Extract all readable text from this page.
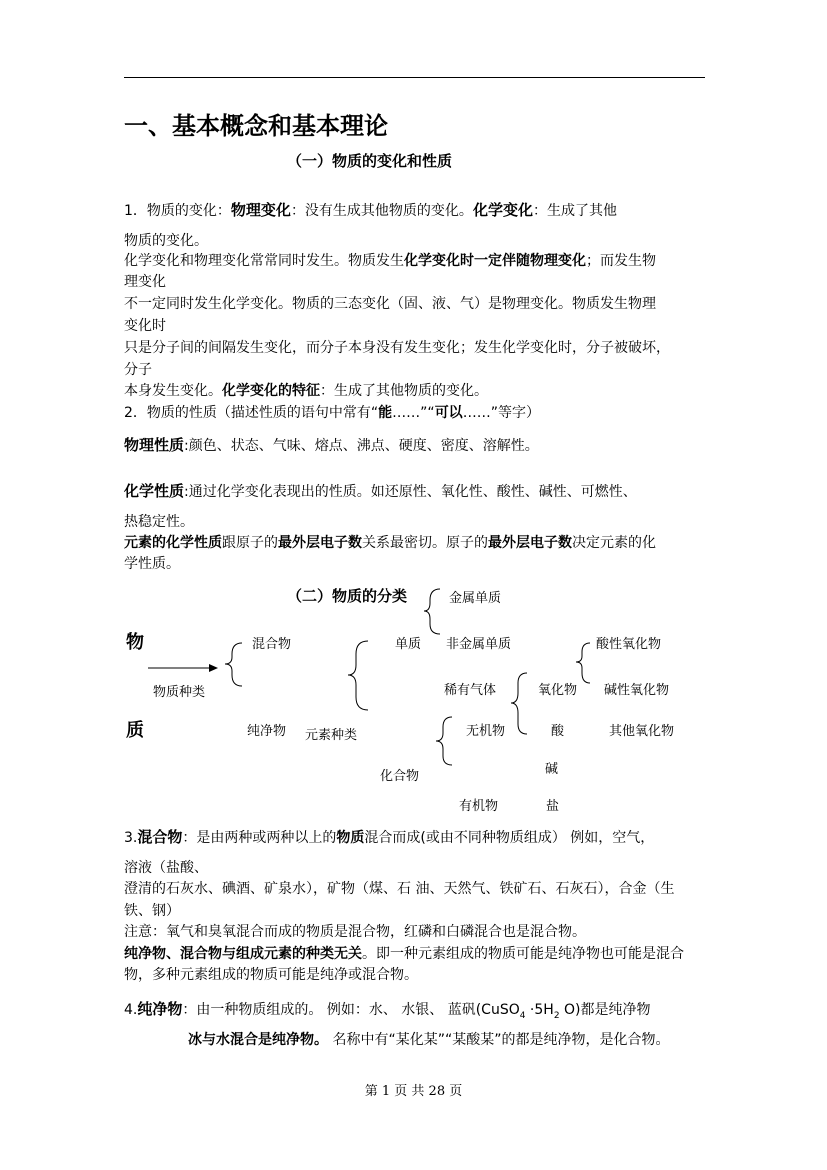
一、基本概念和基本理论
（一）物质的变化和性质
1．物质的变化：物理变化：没有生成其他物质的变化。化学变化：生成了其他
物质的变化。
化学变化和物理变化常常同时发生。物质发生化学变化时一定伴随物理变化；而发生物
理变化
不一定同时发生化学变化。物质的三态变化（固、液、气）是物理变化。物质发生物理
变化时
只是分子间的间隔发生变化，而分子本身没有发生变化；发生化学变化时，分子被破坏，
分子
本身发生变化。化学变化的特征：生成了其他物质的变化。
2．物质的性质（描述性质的语句中常有“能……”“可以……”等字）
物理性质:颜色、状态、气味、熔点、沸点、硬度、密度、溶解性。
化学性质:通过化学变化表现出的性质。如还原性、氧化性、酸性、碱性、可燃性、
热稳定性。
元素的化学性质跟原子的最外层电子数关系最密切。原子的最外层电子数决定元素的化
学性质。
（二）物质的分类
物
质
物质种类
混合物
纯净物 元素种类
单质
金属单质
非金属单质
稀有气体
化合物
无机物
有机物
氧化物
酸
碱
盐
酸性氧化物
碱性氧化物
其他氧化物
3.混合物：是由两种或两种以上的物质混合而成(或由不同种物质组成） 例如，空气，
溶液（盐酸、
澄清的石灰水、碘酒、矿泉水），矿物（煤、石 油、天然气、铁矿石、石灰石），合金（生
铁、钢）
注意：氧气和臭氧混合而成的物质是混合物，红磷和白磷混合也是混合物。
纯净物、混合物与组成元素的种类无关。即一种元素组成的物质可能是纯净物也可能是混合
物，多种元素组成的物质可能是纯净或混合物。
4.纯净物：由一种物质组成的。 例如：水、 水银、 蓝矾(CuSO$_4$ $\cdot 5H_2$ O)都是纯净物
冰与水混合是纯净物。 名称中有“某化某”“某酸某”的都是纯净物，是化合物。
第 1 页 共 28 页
